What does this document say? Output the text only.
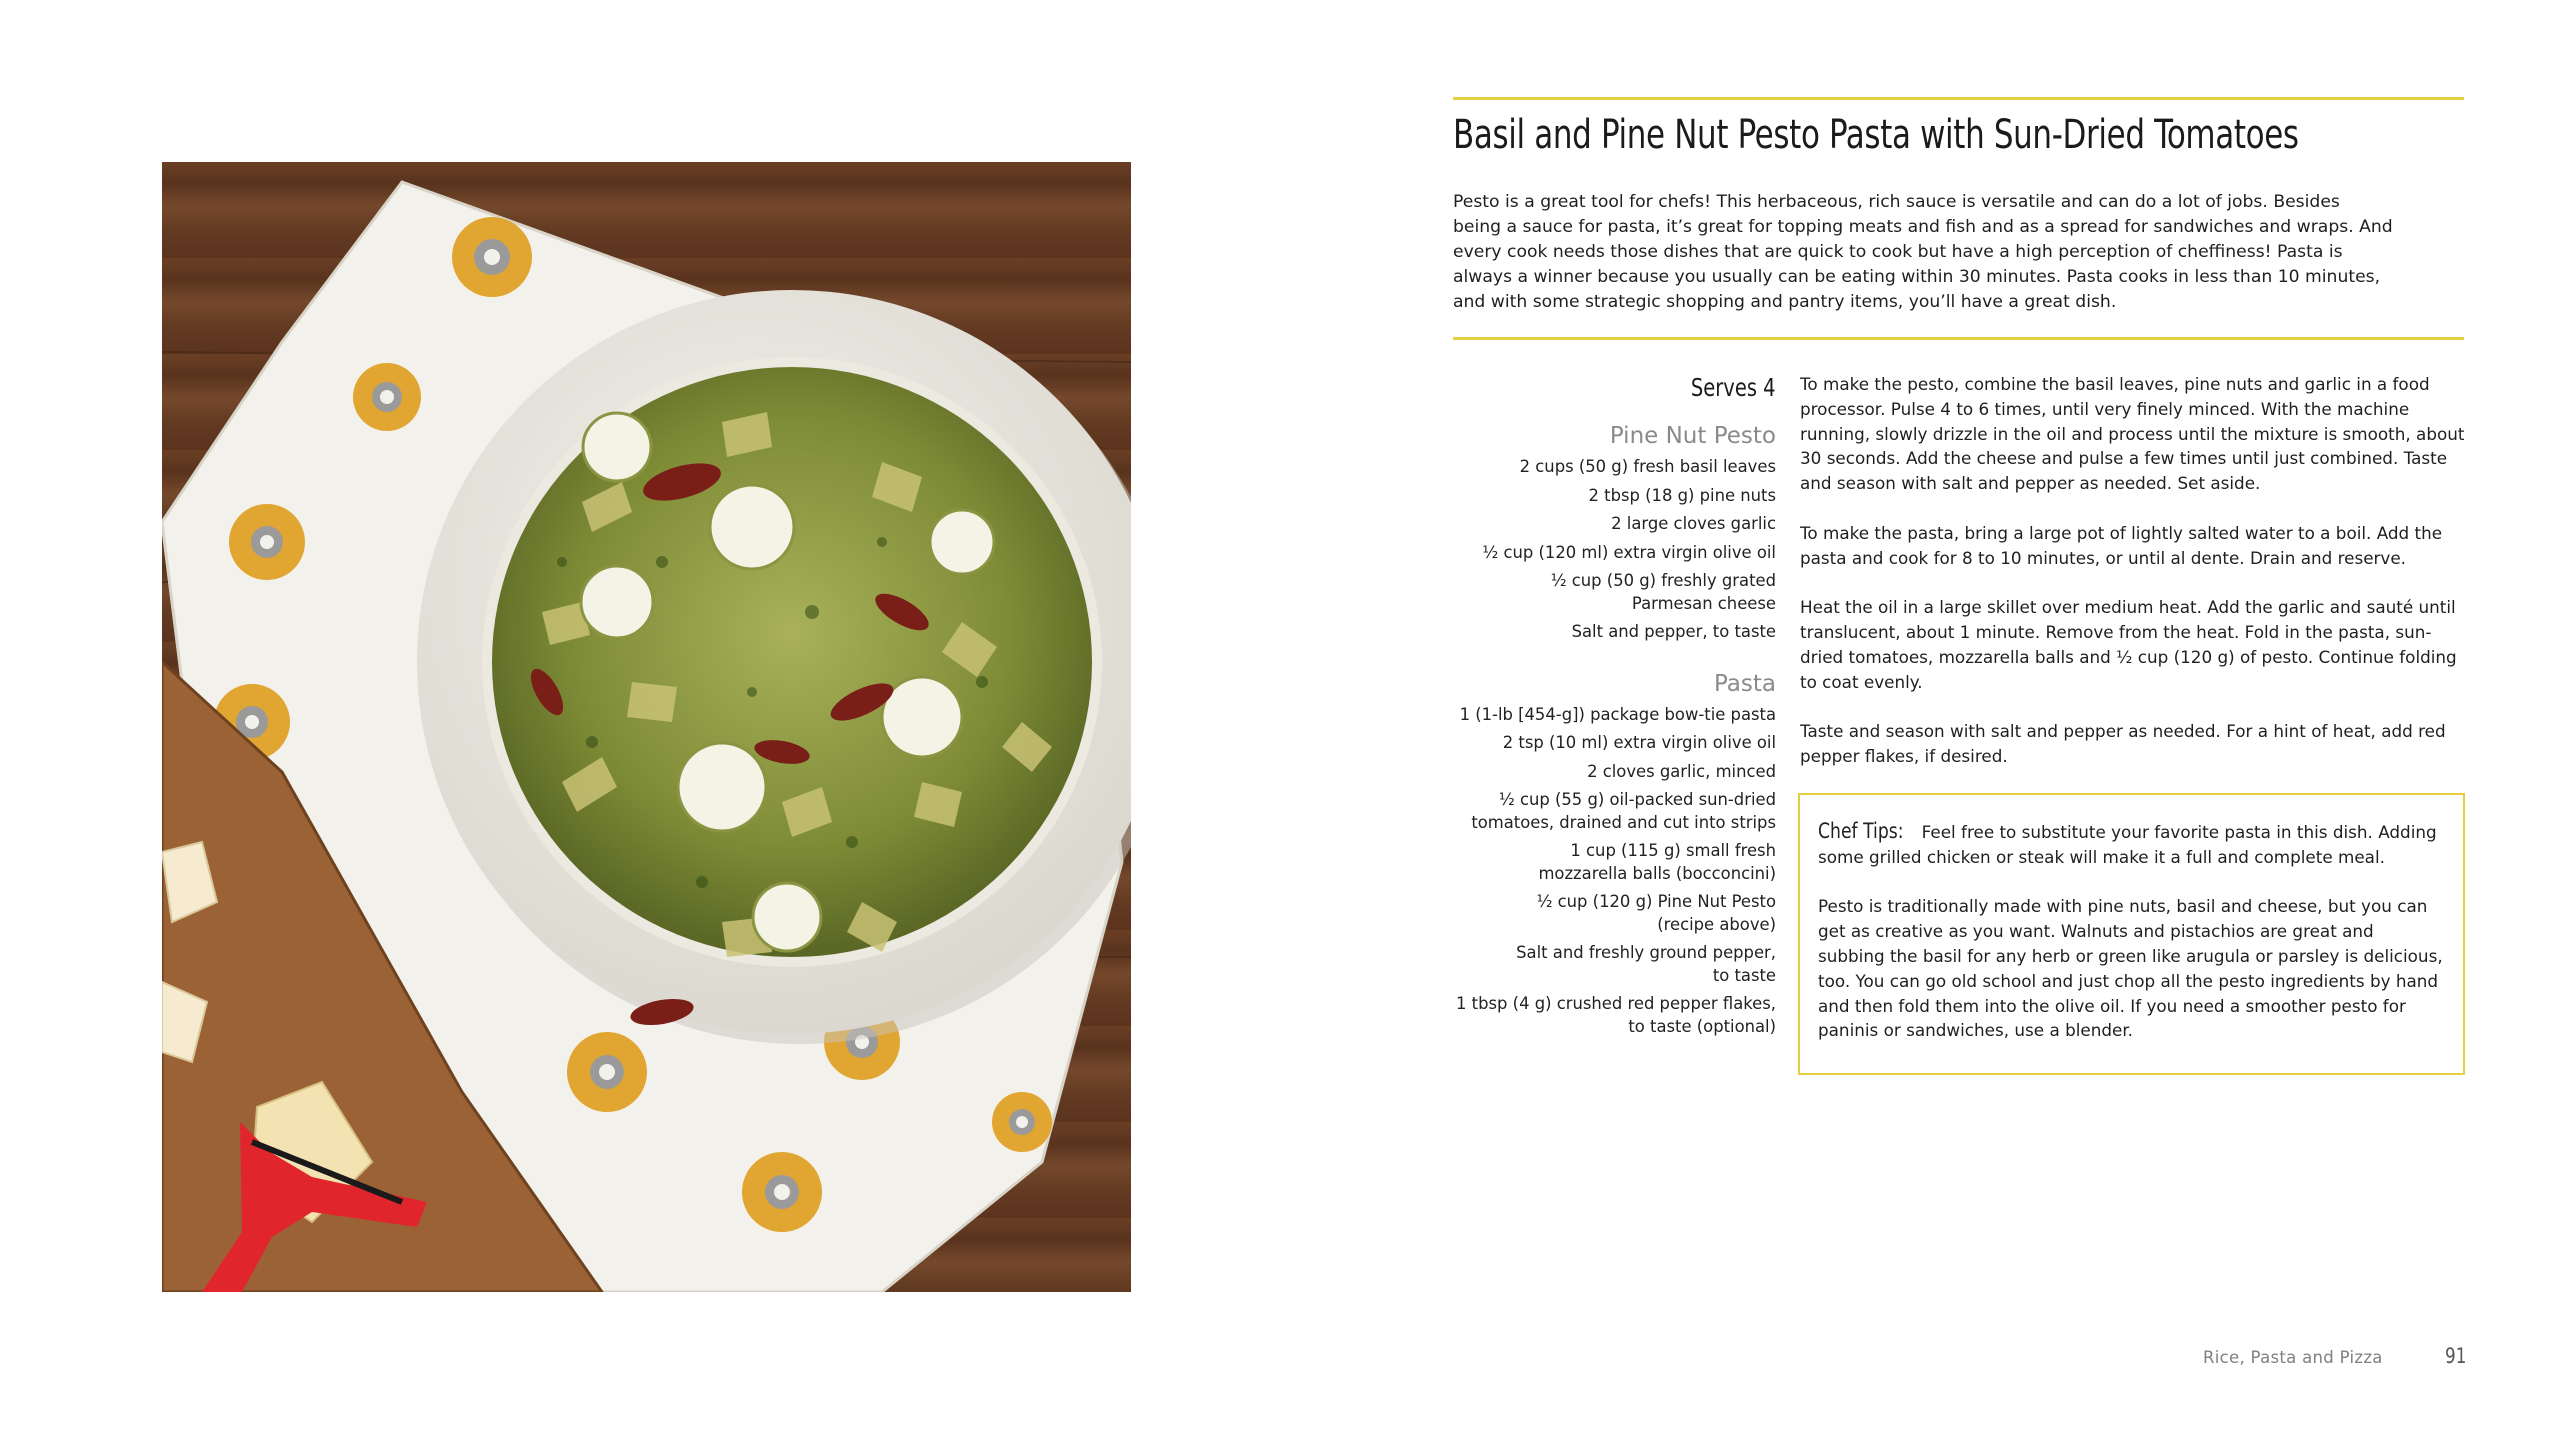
Basil and Pine Nut Pesto Pasta with Sun-Dried Tomatoes
Pesto is a great tool for chefs! This herbaceous, rich sauce is versatile and can do a lot of jobs. Besides being a sauce for pasta, it’s great for topping meats and fish and as a spread for sandwiches and wraps. And every cook needs those dishes that are quick to cook but have a high perception of cheffiness! Pasta is always a winner because you usually can be eating within 30 minutes. Pasta cooks in less than 10 minutes, and with some strategic shopping and pantry items, you’ll have a great dish.
Serves 4
Pine Nut Pesto
2 cups (50 g) fresh basil leaves
2 tbsp (18 g) pine nuts
2 large cloves garlic
½ cup (120 ml) extra virgin olive oil
½ cup (50 g) freshly grated Parmesan cheese
Salt and pepper, to taste
Pasta
1 (1-lb [454-g]) package bow-tie pasta
2 tsp (10 ml) extra virgin olive oil
2 cloves garlic, minced
½ cup (55 g) oil-packed sun-dried tomatoes, drained and cut into strips
1 cup (115 g) small fresh mozzarella balls (bocconcini)
½ cup (120 g) Pine Nut Pesto (recipe above)
Salt and freshly ground pepper, to taste
1 tbsp (4 g) crushed red pepper flakes, to taste (optional)

To make the pesto, combine the basil leaves, pine nuts and garlic in a food processor. Pulse 4 to 6 times, until very finely minced. With the machine running, slowly drizzle in the oil and process until the mixture is smooth, about 30 seconds. Add the cheese and pulse a few times until just combined. Taste and season with salt and pepper as needed. Set aside.

To make the pasta, bring a large pot of lightly salted water to a boil. Add the pasta and cook for 8 to 10 minutes, or until al dente. Drain and reserve.

Heat the oil in a large skillet over medium heat. Add the garlic and sauté until translucent, about 1 minute. Remove from the heat. Fold in the pasta, sun-dried tomatoes, mozzarella balls and ½ cup (120 g) of pesto. Continue folding to coat evenly.

Taste and season with salt and pepper as needed. For a hint of heat, add red pepper flakes, if desired.

Chef Tips: Feel free to substitute your favorite pasta in this dish. Adding some grilled chicken or steak will make it a full and complete meal.

Pesto is traditionally made with pine nuts, basil and cheese, but you can get as creative as you want. Walnuts and pistachios are great and subbing the basil for any herb or green like arugula or parsley is delicious, too. You can go old school and just chop all the pesto ingredients by hand and then fold them into the olive oil. If you need a smoother pesto for paninis or sandwiches, use a blender.

Rice, Pasta and Pizza	91
